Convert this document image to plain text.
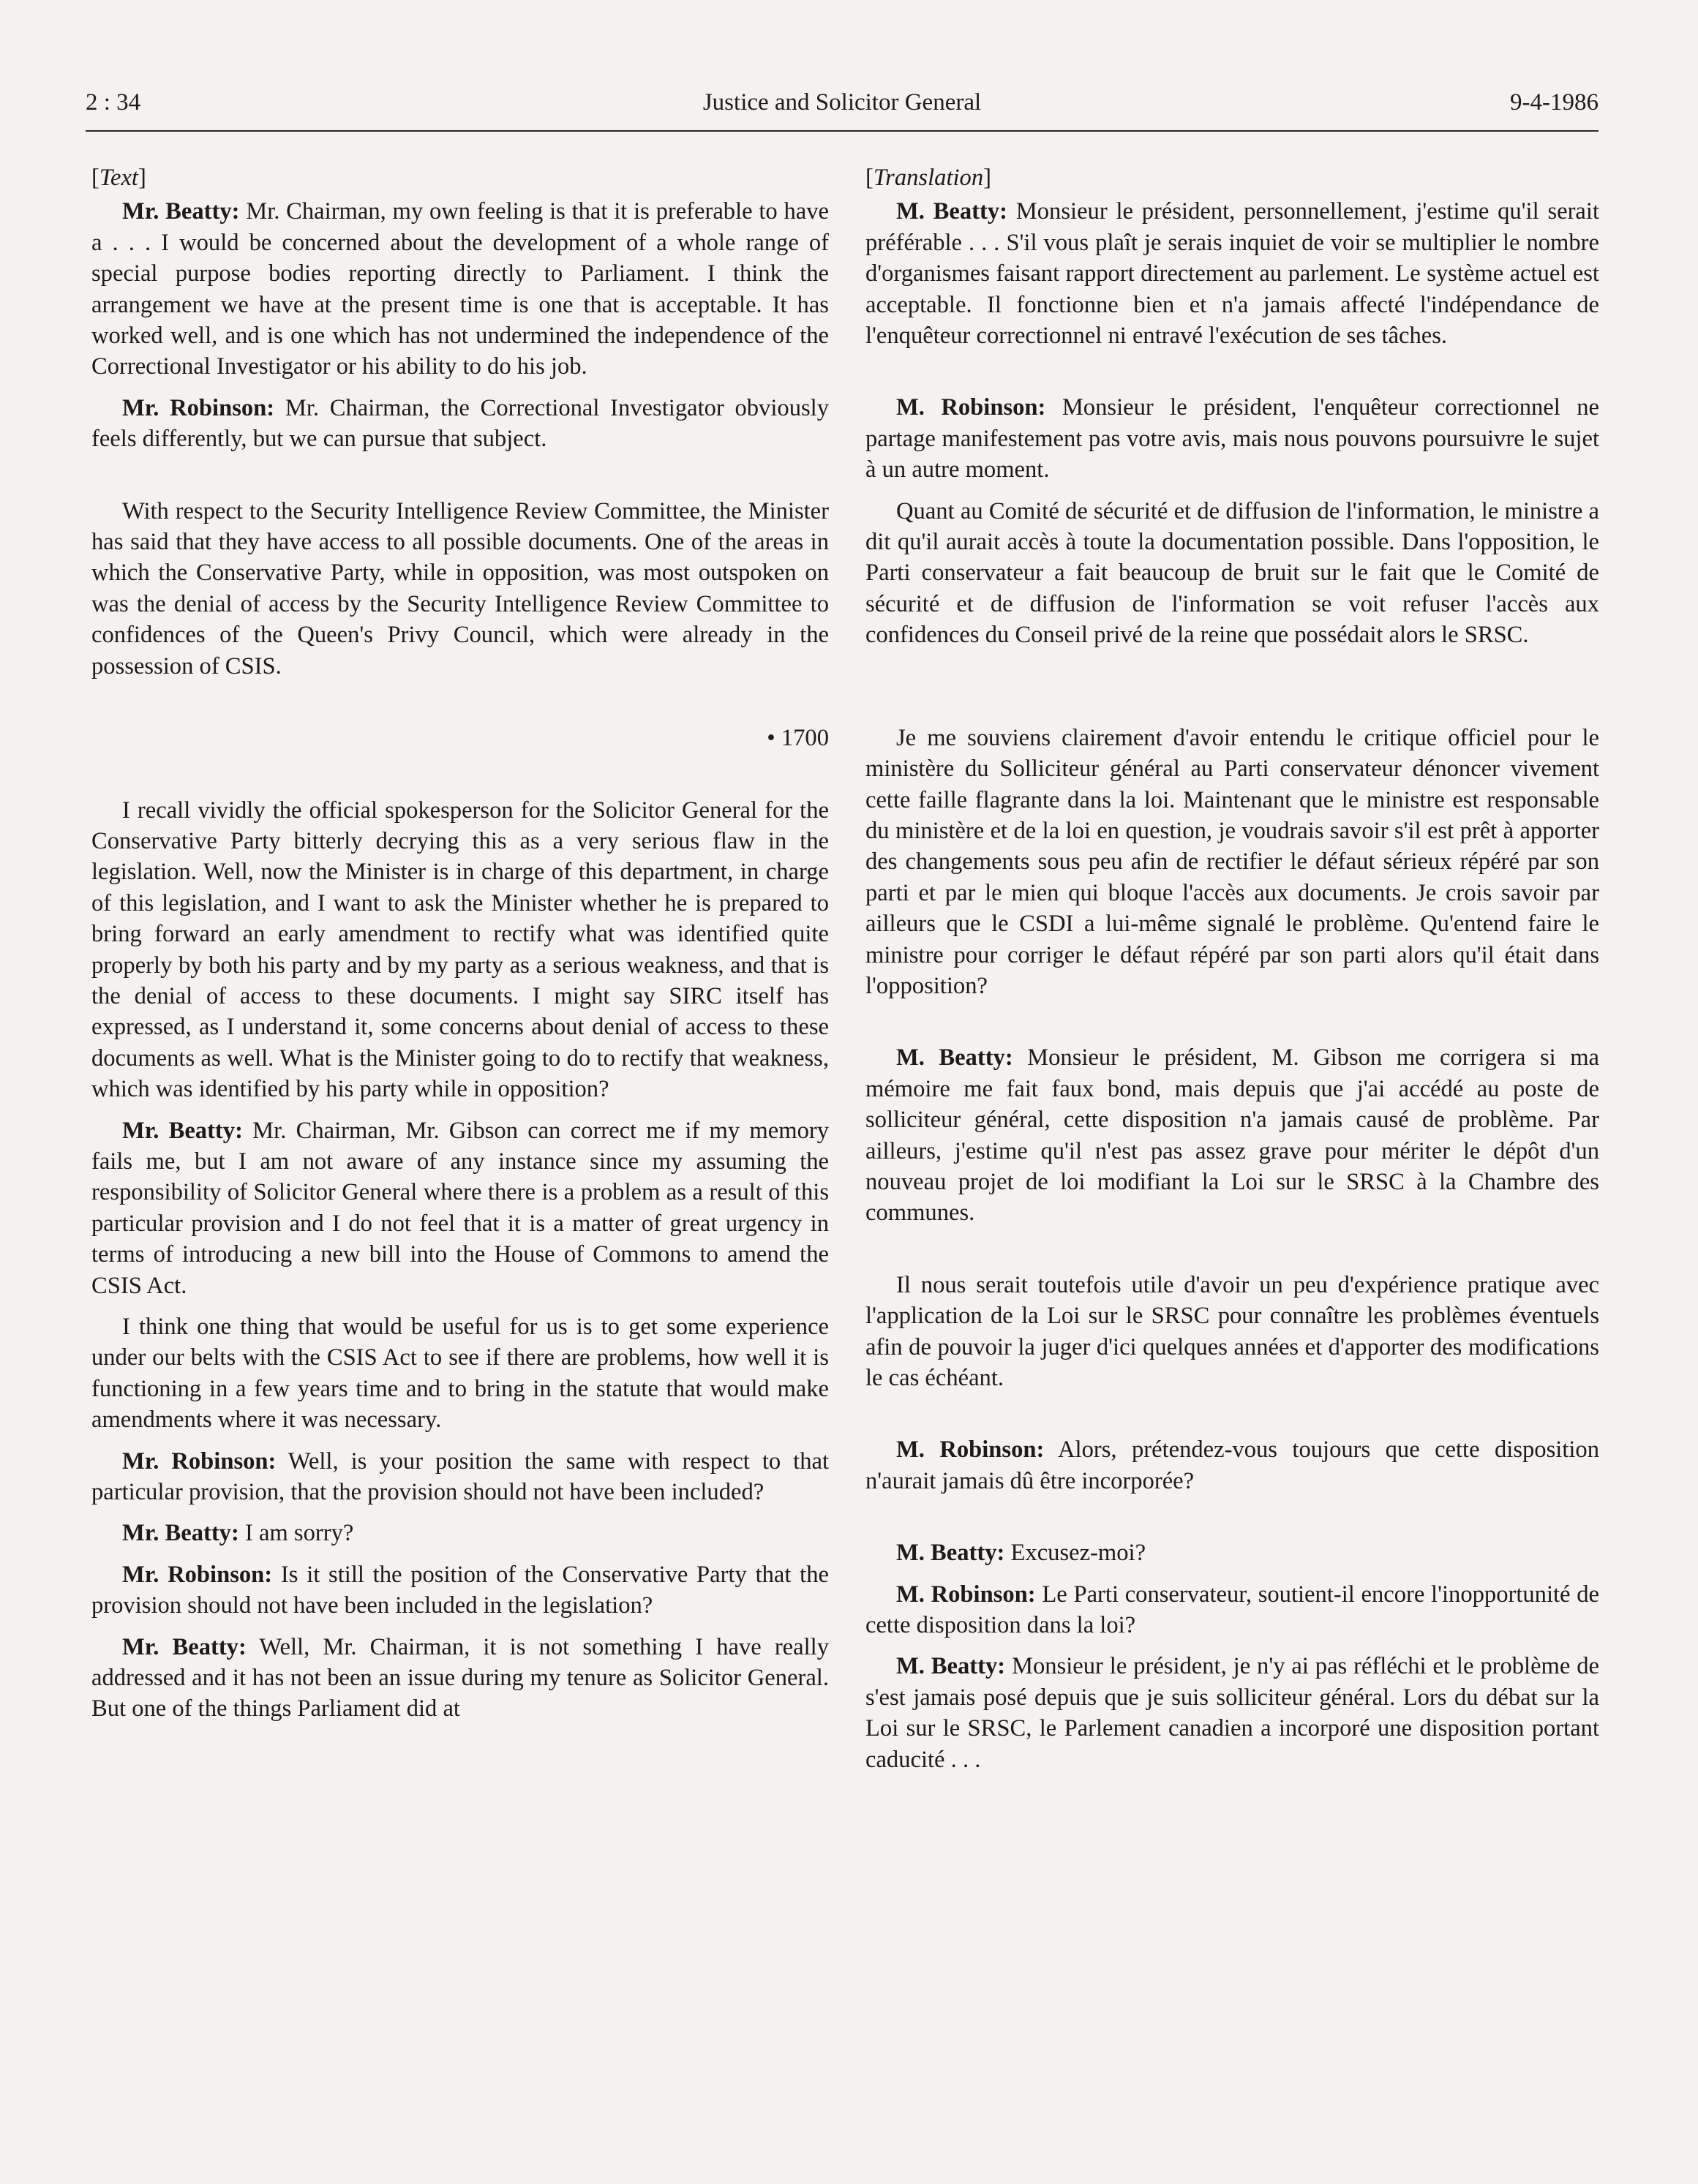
2 : 34	Justice and Solicitor General	9-4-1986

[Text]

Mr. Beatty: Mr. Chairman, my own feeling is that it is preferable to have a . . . I would be concerned about the development of a whole range of special purpose bodies reporting directly to Parliament. I think the arrangement we have at the present time is one that is acceptable. It has worked well, and is one which has not undermined the independence of the Correctional Investigator or his ability to do his job.

Mr. Robinson: Mr. Chairman, the Correctional Investigator obviously feels differently, but we can pursue that subject.

With respect to the Security Intelligence Review Committee, the Minister has said that they have access to all possible documents. One of the areas in which the Conservative Party, while in opposition, was most outspoken on was the denial of access by the Security Intelligence Review Committee to confidences of the Queen's Privy Council, which were already in the possession of CSIS.

• 1700

I recall vividly the official spokesperson for the Solicitor General for the Conservative Party bitterly decrying this as a very serious flaw in the legislation. Well, now the Minister is in charge of this department, in charge of this legislation, and I want to ask the Minister whether he is prepared to bring forward an early amendment to rectify what was identified quite properly by both his party and by my party as a serious weakness, and that is the denial of access to these documents. I might say SIRC itself has expressed, as I understand it, some concerns about denial of access to these documents as well. What is the Minister going to do to rectify that weakness, which was identified by his party while in opposition?

Mr. Beatty: Mr. Chairman, Mr. Gibson can correct me if my memory fails me, but I am not aware of any instance since my assuming the responsibility of Solicitor General where there is a problem as a result of this particular provision and I do not feel that it is a matter of great urgency in terms of introducing a new bill into the House of Commons to amend the CSIS Act.

I think one thing that would be useful for us is to get some experience under our belts with the CSIS Act to see if there are problems, how well it is functioning in a few years time and to bring in the statute that would make amendments where it was necessary.

Mr. Robinson: Well, is your position the same with respect to that particular provision, that the provision should not have been included?

Mr. Beatty: I am sorry?

Mr. Robinson: Is it still the position of the Conservative Party that the provision should not have been included in the legislation?

Mr. Beatty: Well, Mr. Chairman, it is not something I have really addressed and it has not been an issue during my tenure as Solicitor General. But one of the things Parliament did at

[Translation]

M. Beatty: Monsieur le président, personnellement, j'estime qu'il serait préférable . . . S'il vous plaît je serais inquiet de voir se multiplier le nombre d'organismes faisant rapport directement au parlement. Le système actuel est acceptable. Il fonctionne bien et n'a jamais affecté l'indépendance de l'enquêteur correctionnel ni entravé l'exécution de ses tâches.

M. Robinson: Monsieur le président, l'enquêteur correctionnel ne partage manifestement pas votre avis, mais nous pouvons poursuivre le sujet à un autre moment.

Quant au Comité de sécurité et de diffusion de l'information, le ministre a dit qu'il aurait accès à toute la documentation possible. Dans l'opposition, le Parti conservateur a fait beaucoup de bruit sur le fait que le Comité de sécurité et de diffusion de l'information se voit refuser l'accès aux confidences du Conseil privé de la reine que possédait alors le SRSC.

Je me souviens clairement d'avoir entendu le critique officiel pour le ministère du Solliciteur général au Parti conservateur dénoncer vivement cette faille flagrante dans la loi. Maintenant que le ministre est responsable du ministère et de la loi en question, je voudrais savoir s'il est prêt à apporter des changements sous peu afin de rectifier le défaut sérieux répéré par son parti et par le mien qui bloque l'accès aux documents. Je crois savoir par ailleurs que le CSDI a lui-même signalé le problème. Qu'entend faire le ministre pour corriger le défaut répéré par son parti alors qu'il était dans l'opposition?

M. Beatty: Monsieur le président, M. Gibson me corrigera si ma mémoire me fait faux bond, mais depuis que j'ai accédé au poste de solliciteur général, cette disposition n'a jamais causé de problème. Par ailleurs, j'estime qu'il n'est pas assez grave pour mériter le dépôt d'un nouveau projet de loi modifiant la Loi sur le SRSC à la Chambre des communes.

Il nous serait toutefois utile d'avoir un peu d'expérience pratique avec l'application de la Loi sur le SRSC pour connaître les problèmes éventuels afin de pouvoir la juger d'ici quelques années et d'apporter des modifications le cas échéant.

M. Robinson: Alors, prétendez-vous toujours que cette disposition n'aurait jamais dû être incorporée?

M. Beatty: Excusez-moi?

M. Robinson: Le Parti conservateur, soutient-il encore l'inopportunité de cette disposition dans la loi?

M. Beatty: Monsieur le président, je n'y ai pas réfléchi et le problème de s'est jamais posé depuis que je suis solliciteur général. Lors du débat sur la Loi sur le SRSC, le Parlement canadien a incorporé une disposition portant caducité . . .
